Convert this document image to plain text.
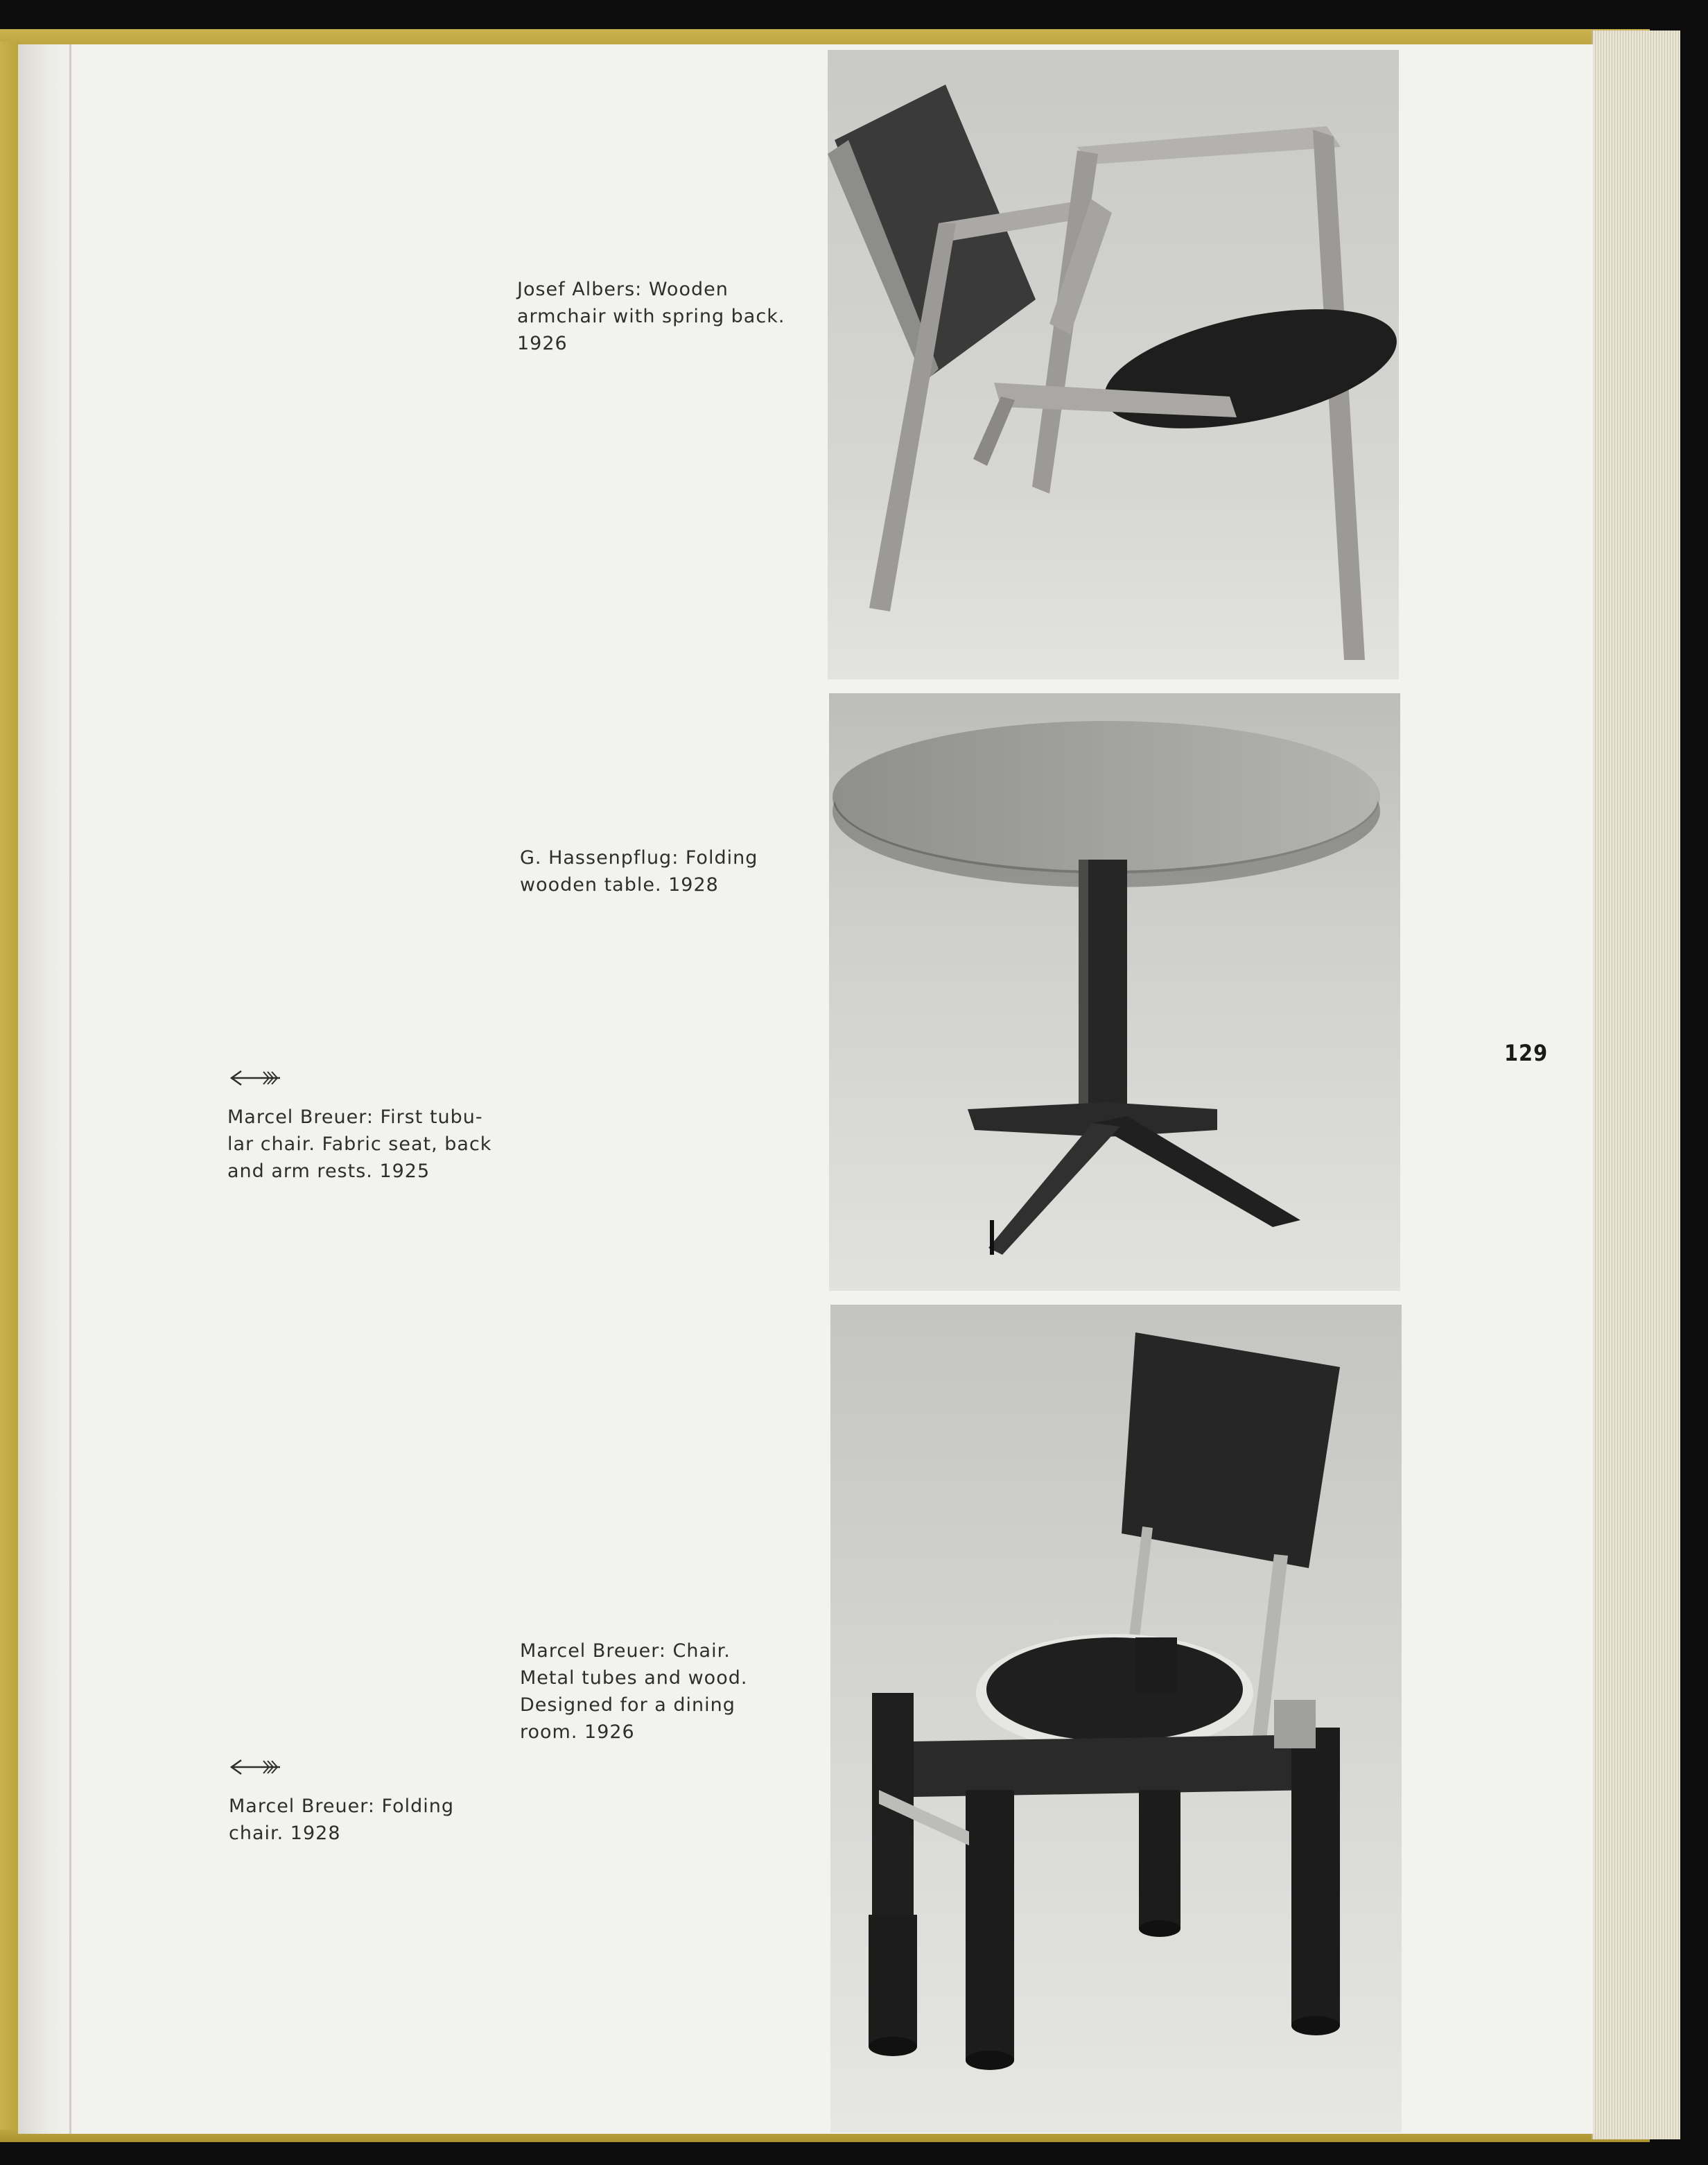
Josef Albers: Wooden
armchair with spring back.
1926
G. Hassenpflug: Folding
wooden table. 1928
Marcel Breuer: First tubu-
lar chair. Fabric seat, back
and arm rests. 1925
Marcel Breuer: Chair.
Metal tubes and wood.
Designed for a dining
room. 1926
Marcel Breuer: Folding
chair. 1928
129
